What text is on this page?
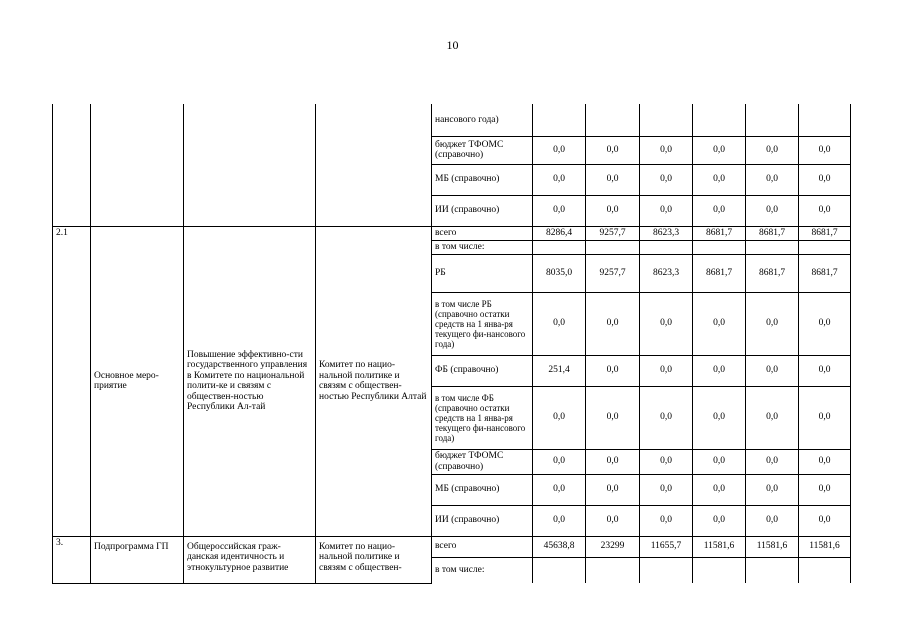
10
				нансового года)						
				бюджет ТФОМС (справочно)	0,0	0,0	0,0	0,0	0,0	0,0
				МБ (справочно)	0,0	0,0	0,0	0,0	0,0	0,0
				ИИ (справочно)	0,0	0,0	0,0	0,0	0,0	0,0
2.1	Основное меро-приятие	Повышение эффективно-сти государственного управления в Комитете по национальной полити-ке и связям с обществен-ностью Республики Ал-тай	Комитет по нацио-нальной политике и связям с обществен-ностью Республики Алтай	всего	8286,4	9257,7	8623,3	8681,7	8681,7	8681,7
				в том числе:						
				РБ	8035,0	9257,7	8623,3	8681,7	8681,7	8681,7
				в том числе РБ (справочно остатки средств на 1 янва-ря текущего фи-нансового года)	0,0	0,0	0,0	0,0	0,0	0,0
				ФБ (справочно)	251,4	0,0	0,0	0,0	0,0	0,0
				в том числе ФБ (справочно остатки средств на 1 янва-ря текущего фи-нансового года)	0,0	0,0	0,0	0,0	0,0	0,0
				бюджет ТФОМС (справочно)	0,0	0,0	0,0	0,0	0,0	0,0
				МБ (справочно)	0,0	0,0	0,0	0,0	0,0	0,0
				ИИ (справочно)	0,0	0,0	0,0	0,0	0,0	0,0
3.	Подпрограмма ГП	Общероссийская граж-данская идентичность и этнокультурное развитие	Комитет по нацио-нальной политике и связям с обществен-	всего	45638,8	23299	11655,7	11581,6	11581,6	11581,6
				в том числе:						
